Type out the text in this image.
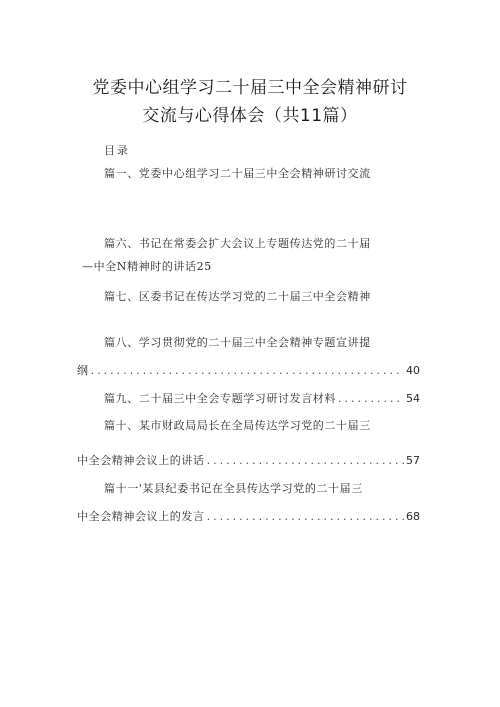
党委中心组学习二十届三中全会精神研讨
交流与心得体会（共11篇）
目录
篇一、党委中心组学习二十届三中全会精神研讨交流
篇六、书记在常委会扩大会议上专题传达党的二十届
—中全N精神时的讲话25
篇七、区委书记在传达学习党的二十届三中全会精神
篇八、学习贯彻党的二十届三中全会精神专题宣讲提
纲 .....	40
篇九、二十届三中全会专题学习研讨发言材料 .....	54
篇十、某市财政局局长在全局传达学习党的二十届三
中全会精神会议上的讲话 .....	57
篇十一'某县纪委书记在全县传达学习党的二十届三
中全会精神会议上的发言 .....	68
